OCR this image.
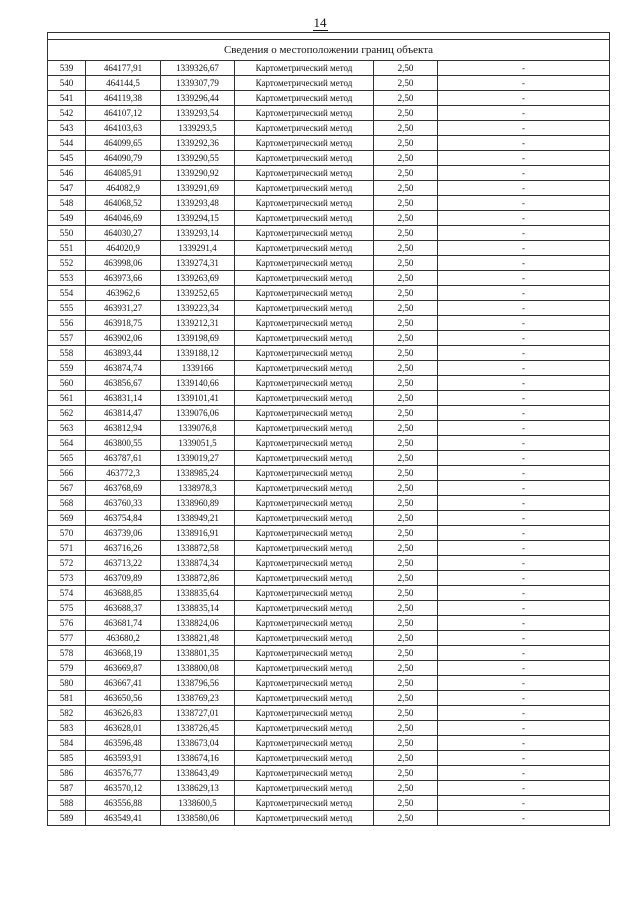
14

Сведения о местоположении границ объекта					
539	464177,91	1339326,67	Картометрический метод	2,50	-
540	464144,5	1339307,79	Картометрический метод	2,50	-
541	464119,38	1339296,44	Картометрический метод	2,50	-
542	464107,12	1339293,54	Картометрический метод	2,50	-
543	464103,63	1339293,5	Картометрический метод	2,50	-
544	464099,65	1339292,36	Картометрический метод	2,50	-
545	464090,79	1339290,55	Картометрический метод	2,50	-
546	464085,91	1339290,92	Картометрический метод	2,50	-
547	464082,9	1339291,69	Картометрический метод	2,50	-
548	464068,52	1339293,48	Картометрический метод	2,50	-
549	464046,69	1339294,15	Картометрический метод	2,50	-
550	464030,27	1339293,14	Картометрический метод	2,50	-
551	464020,9	1339291,4	Картометрический метод	2,50	-
552	463998,06	1339274,31	Картометрический метод	2,50	-
553	463973,66	1339263,69	Картометрический метод	2,50	-
554	463962,6	1339252,65	Картометрический метод	2,50	-
555	463931,27	1339223,34	Картометрический метод	2,50	-
556	463918,75	1339212,31	Картометрический метод	2,50	-
557	463902,06	1339198,69	Картометрический метод	2,50	-
558	463893,44	1339188,12	Картометрический метод	2,50	-
559	463874,74	1339166	Картометрический метод	2,50	-
560	463856,67	1339140,66	Картометрический метод	2,50	-
561	463831,14	1339101,41	Картометрический метод	2,50	-
562	463814,47	1339076,06	Картометрический метод	2,50	-
563	463812,94	1339076,8	Картометрический метод	2,50	-
564	463800,55	1339051,5	Картометрический метод	2,50	-
565	463787,61	1339019,27	Картометрический метод	2,50	-
566	463772,3	1338985,24	Картометрический метод	2,50	-
567	463768,69	1338978,3	Картометрический метод	2,50	-
568	463760,33	1338960,89	Картометрический метод	2,50	-
569	463754,84	1338949,21	Картометрический метод	2,50	-
570	463739,06	1338916,91	Картометрический метод	2,50	-
571	463716,26	1338872,58	Картометрический метод	2,50	-
572	463713,22	1338874,34	Картометрический метод	2,50	-
573	463709,89	1338872,86	Картометрический метод	2,50	-
574	463688,85	1338835,64	Картометрический метод	2,50	-
575	463688,37	1338835,14	Картометрический метод	2,50	-
576	463681,74	1338824,06	Картометрический метод	2,50	-
577	463680,2	1338821,48	Картометрический метод	2,50	-
578	463668,19	1338801,35	Картометрический метод	2,50	-
579	463669,87	1338800,08	Картометрический метод	2,50	-
580	463667,41	1338796,56	Картометрический метод	2,50	-
581	463650,56	1338769,23	Картометрический метод	2,50	-
582	463626,83	1338727,01	Картометрический метод	2,50	-
583	463628,01	1338726,45	Картометрический метод	2,50	-
584	463596,48	1338673,04	Картометрический метод	2,50	-
585	463593,91	1338674,16	Картометрический метод	2,50	-
586	463576,77	1338643,49	Картометрический метод	2,50	-
587	463570,12	1338629,13	Картометрический метод	2,50	-
588	463556,88	1338600,5	Картометрический метод	2,50	-
589	463549,41	1338580,06	Картометрический метод	2,50	-
